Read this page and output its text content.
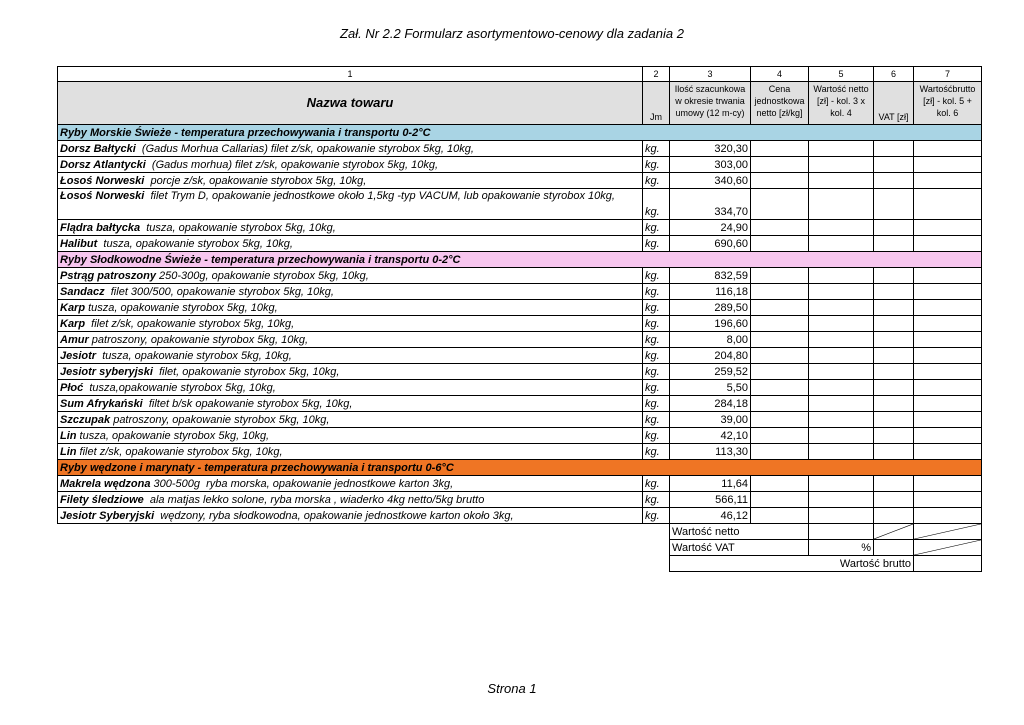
Zał. Nr 2.2 Formularz asortymentowo-cenowy dla zadania 2
1	2	3	4	5	6	7
Nazwa towaru	Jm	Ilość szacunkowa w okresie trwania umowy (12 m-cy)	Cena jednostkowa netto [zł/kg]	Wartość netto [zł] - kol. 3 x kol. 4	VAT [zł]	Wartośćbrutto [zł] - kol. 5 + kol. 6
Ryby Morskie Świeże - temperatura przechowywania i transportu 0-2°C						
Dorsz Bałtycki  (Gadus Morhua Callarias) filet z/sk, opakowanie styrobox 5kg, 10kg,	kg.	320,30				
Dorsz Atlantycki  (Gadus morhua) filet z/sk, opakowanie styrobox 5kg, 10kg,	kg.	303,00				
Łosoś Norweski  porcje z/sk, opakowanie styrobox 5kg, 10kg,	kg.	340,60				
Łosoś Norweski  filet Trym D, opakowanie jednostkowe około 1,5kg -typ VACUM, lub opakowanie styrobox 10kg,	kg.	334,70				
Flądra bałtycka  tusza, opakowanie styrobox 5kg, 10kg,	kg.	24,90				
Halibut  tusza, opakowanie styrobox 5kg, 10kg,	kg.	690,60				
Ryby Słodkowodne Świeże - temperatura przechowywania i transportu 0-2°C						
Pstrąg patroszony 250-300g, opakowanie styrobox 5kg, 10kg,	kg.	832,59				
Sandacz  filet 300/500, opakowanie styrobox 5kg, 10kg,	kg.	116,18				
Karp tusza, opakowanie styrobox 5kg, 10kg,	kg.	289,50				
Karp  filet z/sk, opakowanie styrobox 5kg, 10kg,	kg.	196,60				
Amur patroszony, opakowanie styrobox 5kg, 10kg,	kg.	8,00				
Jesiotr  tusza, opakowanie styrobox 5kg, 10kg,	kg.	204,80				
Jesiotr syberyjski  filet, opakowanie styrobox 5kg, 10kg,	kg.	259,52				
Płoć  tusza,opakowanie styrobox 5kg, 10kg,	kg.	5,50				
Sum Afrykański  filtet b/sk opakowanie styrobox 5kg, 10kg,	kg.	284,18				
Szczupak patroszony, opakowanie styrobox 5kg, 10kg,	kg.	39,00				
Lin tusza, opakowanie styrobox 5kg, 10kg,	kg.	42,10				
Lin filet z/sk, opakowanie styrobox 5kg, 10kg,	kg.	113,30				
Ryby wędzone i marynaty - temperatura przechowywania i transportu 0-6°C						
Makrela wędzona 300-500g  ryba morska, opakowanie jednostkowe karton 3kg,	kg.	11,64				
Filety śledziowe  ala matjas lekko solone, ryba morska , wiaderko 4kg netto/5kg brutto	kg.	566,11				
Jesiotr Syberyjski  wędzony, ryba słodkowodna, opakowanie jednostkowe karton około 3kg,	kg.	46,12				
		Wartość netto		

		Wartość VAT		%		

		Wartość brutto				
Strona 1
